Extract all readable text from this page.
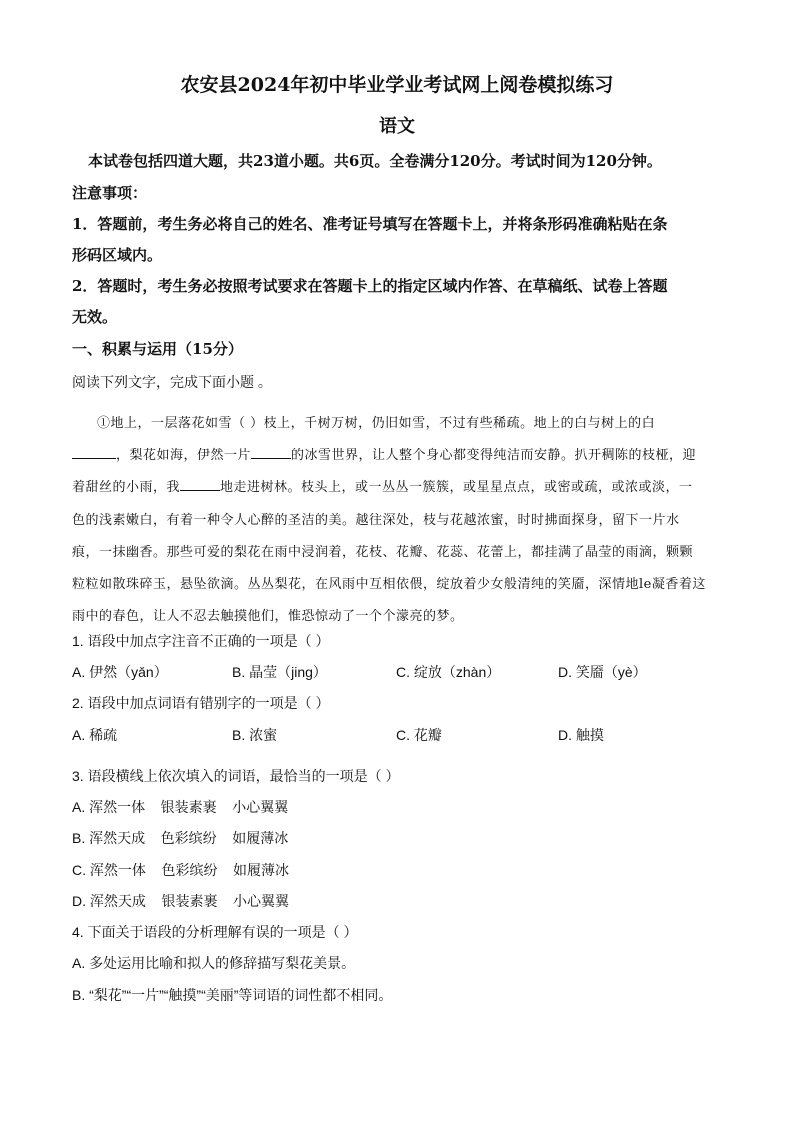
农安县2024年初中毕业学业考试网上阅卷模拟练习
语文
本试卷包括四道大题，共23道小题。共6页。全卷满分120分。考试时间为120分钟。
注意事项：
1．答题前，考生务必将自己的姓名、准考证号填写在答题卡上，并将条形码准确粘贴在条
形码区域内。
2．答题时，考生务必按照考试要求在答题卡上的指定区域内作答、在草稿纸、试卷上答题
无效。
一、积累与运用（15分）
阅读下列文字，完成下面小题 。
①地上，一层落花如雪（ ）枝上，千树万树，仍旧如雪，不过有些稀疏。地上的白与树上的白
，梨花如海，伊然一片	的冰雪世界，让人整个身心都变得纯洁而安静。扒开稠陈的枝桠，迎
着甜丝的小雨，我	地走进树林。枝头上，或一丛丛一簇簇，或星星点点，或密或疏，或浓或淡，一
色的浅素嫩白，有着一种令人心醉的圣洁的美。越往深处，枝与花越浓蜜，时时拂面探身，留下一片水
痕，一抹幽香。那些可爱的梨花在雨中浸润着，花枝、花瓣、花蕊、花蕾上，都挂满了晶莹的雨滴，颗颗
粒粒如散珠碎玉，悬坠欲滴。丛丛梨花，在风雨中互相依偎，绽放着少女般清纯的笑靥，深情地le凝香着这
雨中的春色，让人不忍去触摸他们，惟恐惊动了一个个濛亮的梦。
1. 语段中加点字注音不正确的一项是（ ）
A. 伊然（yǎn）	B. 晶莹（jing）	C. 绽放（zhàn）	D. 笑靥（yè）
2. 语段中加点词语有错别字的一项是（ ）
A. 稀疏	B. 浓蜜	C. 花瓣	D. 触摸
3. 语段横线上依次填入的词语，最恰当的一项是（ ）
A. 浑然一体    银装素裹    小心翼翼
B. 浑然天成    色彩缤纷    如履薄冰
C. 浑然一体    色彩缤纷    如履薄冰
D. 浑然天成    银装素裹    小心翼翼
4. 下面关于语段的分析理解有误的一项是（ ）
A. 多处运用比喻和拟人的修辞描写梨花美景。
B. “梨花”“一片”“触摸”“美丽”等词语的词性都不相同。
